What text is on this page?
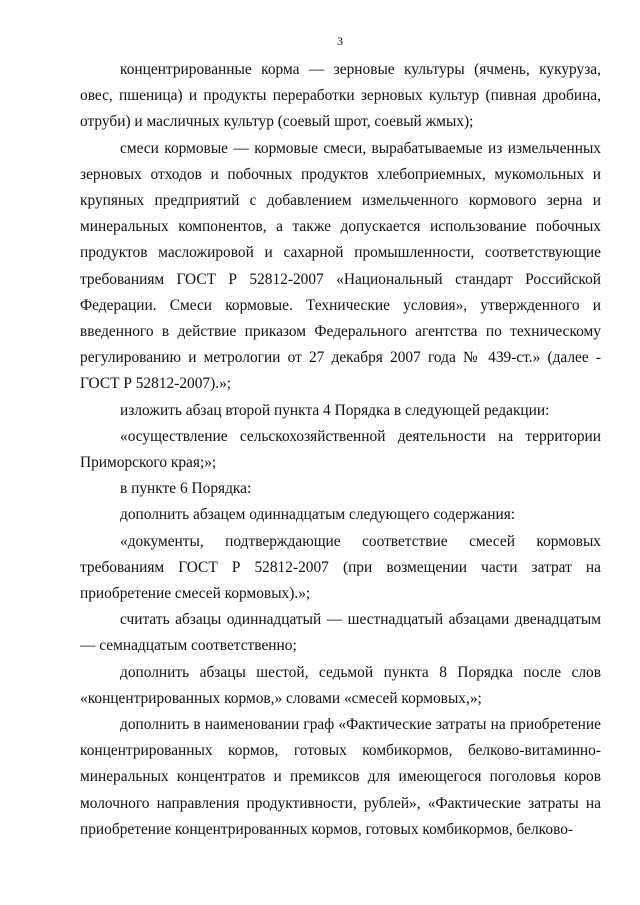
3

концентрированные корма — зерновые культуры (ячмень, кукуруза, овес, пшеница) и продукты переработки зерновых культур (пивная дробина, отруби) и масличных культур (соевый шрот, соевый жмых);

смеси кормовые — кормовые смеси, вырабатываемые из измельченных зерновых отходов и побочных продуктов хлебоприемных, мукомольных и крупяных предприятий с добавлением измельченного кормового зерна и минеральных компонентов, а также допускается использование побочных продуктов масложировой и сахарной промышленности, соответствующие требованиям ГОСТ Р 52812-2007 «Национальный стандарт Российской Федерации. Смеси кормовые. Технические условия», утвержденного и введенного в действие приказом Федерального агентства по техническому регулированию и метрологии от 27 декабря 2007 года № 439-ст.» (далее - ГОСТ Р 52812-2007).»;

изложить абзац второй пункта 4 Порядка в следующей редакции:

«осуществление сельскохозяйственной деятельности на территории Приморского края;»;

в пункте 6 Порядка:

дополнить абзацем одиннадцатым следующего содержания:

«документы, подтверждающие соответствие смесей кормовых требованиям ГОСТ Р 52812-2007 (при возмещении части затрат на приобретение смесей кормовых).»;

считать абзацы одиннадцатый — шестнадцатый абзацами двенадцатым — семнадцатым соответственно;

дополнить абзацы шестой, седьмой пункта 8 Порядка после слов «концентрированных кормов,» словами «смесей кормовых,»;

дополнить в наименовании граф «Фактические затраты на приобретение концентрированных кормов, готовых комбикормов, белково-витаминно-минеральных концентратов и премиксов для имеющегося поголовья коров молочного направления продуктивности, рублей», «Фактические затраты на приобретение концентрированных кормов, готовых комбикормов, белково-
